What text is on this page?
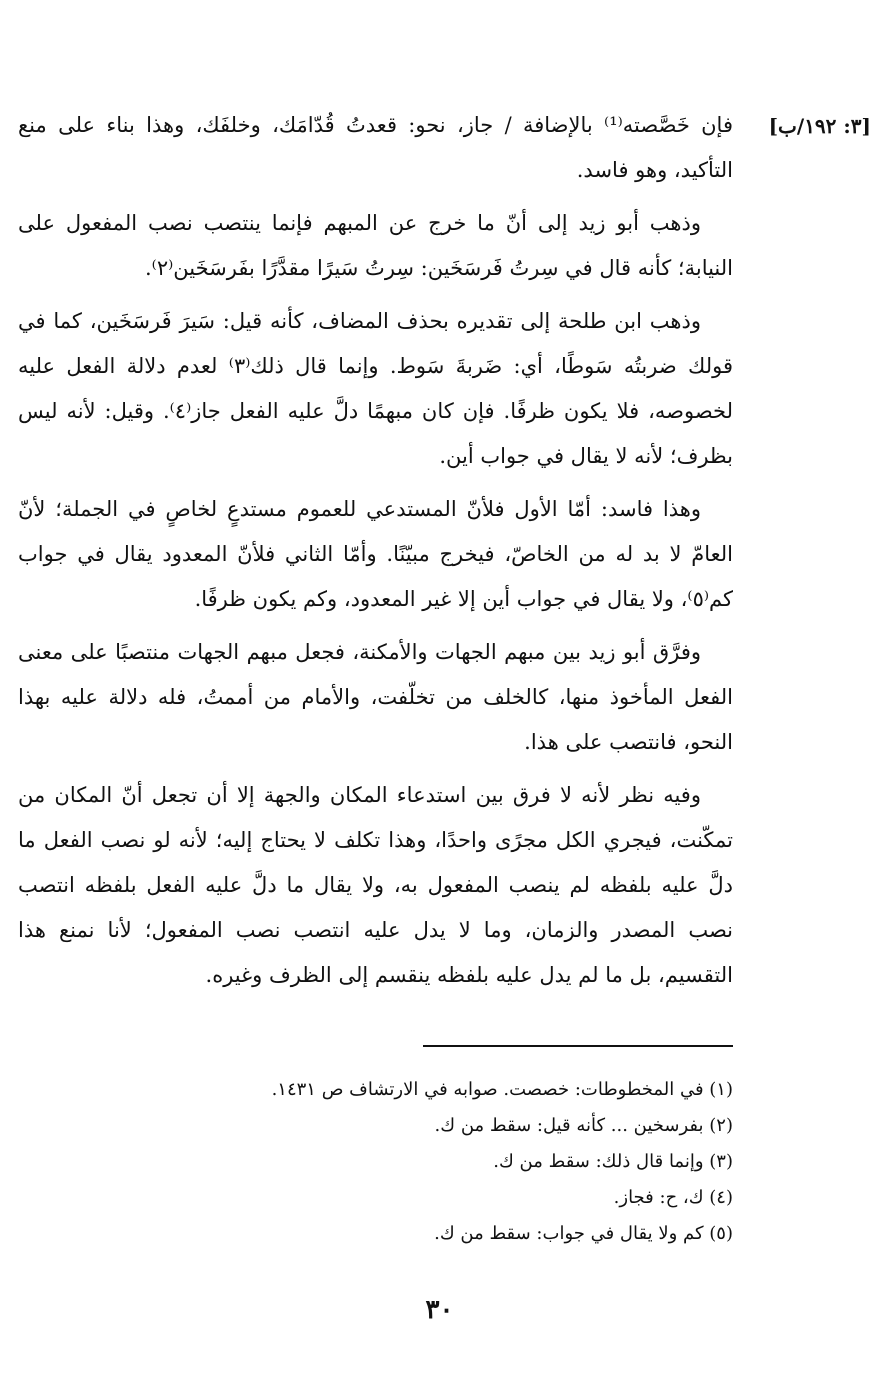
[٣: ١٩٢/ب]

فإن خَصَّصته⁽¹⁾ بالإضافة / جاز، نحو: قعدتُ قُدّامَك، وخلفَك، وهذا بناء على منع التأكيد، وهو فاسد.

وذهب أبو زيد إلى أنّ ما خرج عن المبهم فإنما ينتصب نصب المفعول على النيابة؛ كأنه قال في سِرتُ فَرسَخَين: سِرتُ سَيرًا مقدَّرًا بفَرسَخَين⁽٢⁾.

وذهب ابن طلحة إلى تقديره بحذف المضاف، كأنه قيل: سَيرَ فَرسَخَين، كما في قولك ضربتُه سَوطًا، أي: ضَربةَ سَوط. وإنما قال ذلك⁽٣⁾ لعدم دلالة الفعل عليه لخصوصه، فلا يكون ظرفًا. فإن كان مبهمًا دلَّ عليه الفعل جاز⁽٤⁾. وقيل: لأنه ليس بظرف؛ لأنه لا يقال في جواب أين.

وهذا فاسد: أمّا الأول فلأنّ المستدعي للعموم مستدعٍ لخاصٍ في الجملة؛ لأنّ العامّ لا بد له من الخاصّ، فيخرج مبيّنًا. وأمّا الثاني فلأنّ المعدود يقال في جواب كم⁽٥⁾، ولا يقال في جواب أين إلا غير المعدود، وكم يكون ظرفًا.

وفرَّق أبو زيد بين مبهم الجهات والأمكنة، فجعل مبهم الجهات منتصبًا على معنى الفعل المأخوذ منها، كالخلف من تخلّفت، والأمام من أممتُ، فله دلالة عليه بهذا النحو، فانتصب على هذا.

وفيه نظر لأنه لا فرق بين استدعاء المكان والجهة إلا أن تجعل أنّ المكان من تمكّنت، فيجري الكل مجرًى واحدًا، وهذا تكلف لا يحتاج إليه؛ لأنه لو نصب الفعل ما دلَّ عليه بلفظه لم ينصب المفعول به، ولا يقال ما دلَّ عليه الفعل بلفظه انتصب نصب المصدر والزمان، وما لا يدل عليه انتصب نصب المفعول؛ لأنا نمنع هذا التقسيم، بل ما لم يدل عليه بلفظه ينقسم إلى الظرف وغيره.

(١) في المخطوطات: خصصت. صوابه في الارتشاف ص ١٤٣١.

(٢) بفرسخين ... كأنه قيل: سقط من ك.

(٣) وإنما قال ذلك: سقط من ك.

(٤) ك، ح: فجاز.

(٥) كم ولا يقال في جواب: سقط من ك.

٣٠
